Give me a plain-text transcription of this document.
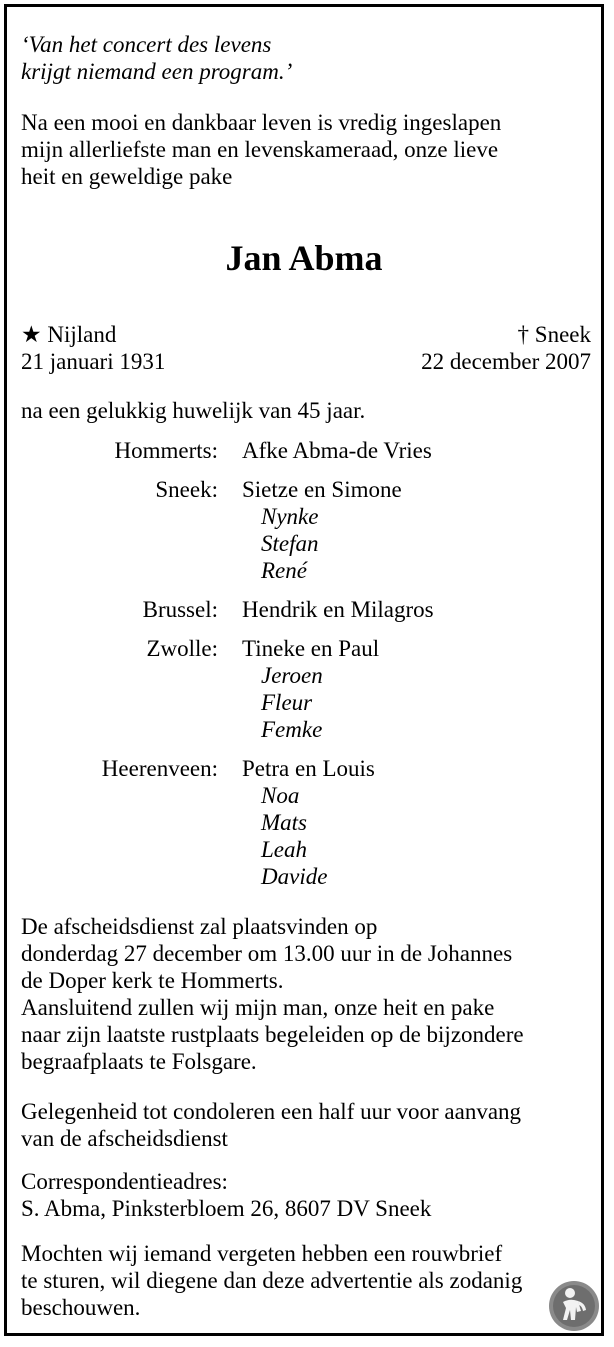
‘Van het concert des levens
krijgt niemand een program.’
Na een mooi en dankbaar leven is vredig ingeslapen
mijn allerliefste man en levenskameraad, onze lieve
heit en geweldige pake
Jan Abma
★ Nijland
21 januari 1931
† Sneek
22 december 2007
na een gelukkig huwelijk van 45 jaar.
Hommerts:	Afke Abma-de Vries
Sneek:	Sietze en Simone
Nynke
Stefan
René
Brussel:	Hendrik en Milagros
Zwolle:	Tineke en Paul
Jeroen
Fleur
Femke
Heerenveen:	Petra en Louis
Noa
Mats
Leah
Davide
De afscheidsdienst zal plaatsvinden op
donderdag 27 december om 13.00 uur in de Johannes
de Doper kerk te Hommerts.
Aansluitend zullen wij mijn man, onze heit en pake
naar zijn laatste rustplaats begeleiden op de bijzondere
begraafplaats te Folsgare.
Gelegenheid tot condoleren een half uur voor aanvang
van de afscheidsdienst
Correspondentieadres:
S. Abma, Pinksterbloem 26, 8607 DV Sneek
Mochten wij iemand vergeten hebben een rouwbrief
te sturen, wil diegene dan deze advertentie als zodanig
beschouwen.
